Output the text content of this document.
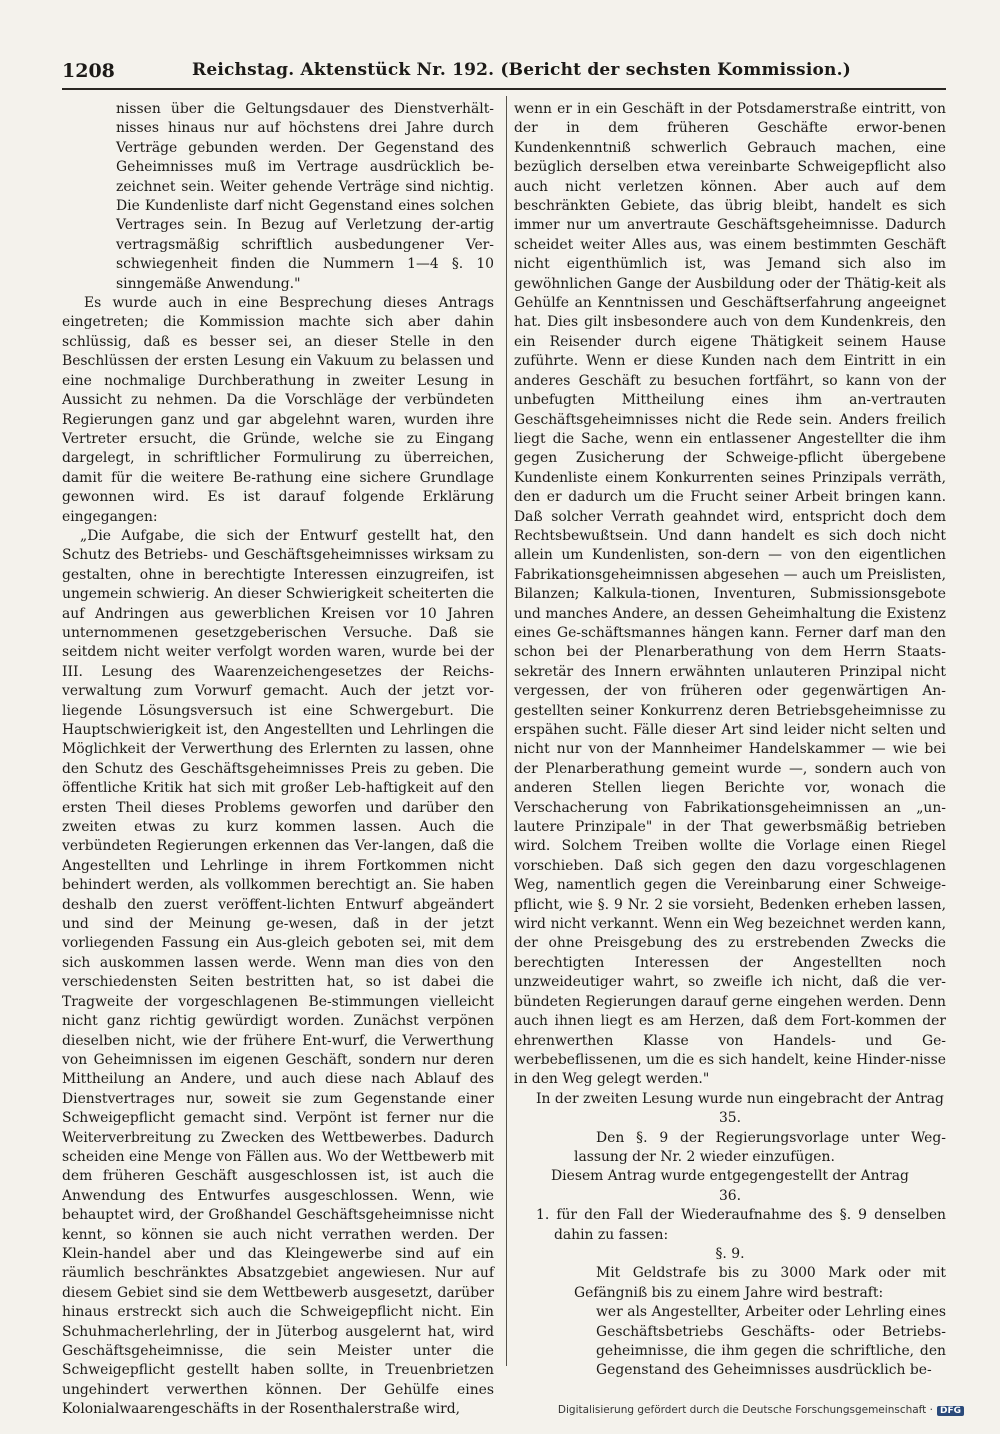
1208	Reichstag. Aktenstück Nr. 192. (Bericht der sechsten Kommission.)

nissen über die Geltungsdauer des Dienstverhält-nisses hinaus nur auf höchstens drei Jahre durch Verträge gebunden werden. Der Gegenstand des Geheimnisses muß im Vertrage ausdrücklich be-zeichnet sein. Weiter gehende Verträge sind nichtig. Die Kundenliste darf nicht Gegenstand eines solchen Vertrages sein. In Bezug auf Verletzung der-artig vertragsmäßig schriftlich ausbedungener Ver-schwiegenheit finden die Nummern 1—4 §. 10 sinngemäße Anwendung."

Es wurde auch in eine Besprechung dieses Antrags eingetreten; die Kommission machte sich aber dahin schlüssig, daß es besser sei, an dieser Stelle in den Beschlüssen der ersten Lesung ein Vakuum zu belassen und eine nochmalige Durchberathung in zweiter Lesung in Aussicht zu nehmen. Da die Vorschläge der verbündeten Regierungen ganz und gar abgelehnt waren, wurden ihre Vertreter ersucht, die Gründe, welche sie zu Eingang dargelegt, in schriftlicher Formulirung zu überreichen, damit für die weitere Be-rathung eine sichere Grundlage gewonnen wird. Es ist darauf folgende Erklärung eingegangen:

„Die Aufgabe, die sich der Entwurf gestellt hat, den Schutz des Betriebs- und Geschäftsgeheimnisses wirksam zu gestalten, ohne in berechtigte Interessen einzugreifen, ist ungemein schwierig. An dieser Schwierigkeit scheiterten die auf Andringen aus gewerblichen Kreisen vor 10 Jahren unternommenen gesetzgeberischen Versuche. Daß sie seitdem nicht weiter verfolgt worden waren, wurde bei der III. Lesung des Waarenzeichengesetzes der Reichs-verwaltung zum Vorwurf gemacht. Auch der jetzt vor-liegende Lösungsversuch ist eine Schwergeburt. Die Hauptschwierigkeit ist, den Angestellten und Lehrlingen die Möglichkeit der Verwerthung des Erlernten zu lassen, ohne den Schutz des Geschäftsgeheimnisses Preis zu geben. Die öffentliche Kritik hat sich mit großer Leb-haftigkeit auf den ersten Theil dieses Problems geworfen und darüber den zweiten etwas zu kurz kommen lassen. Auch die verbündeten Regierungen erkennen das Ver-langen, daß die Angestellten und Lehrlinge in ihrem Fortkommen nicht behindert werden, als vollkommen berechtigt an. Sie haben deshalb den zuerst veröffent-lichten Entwurf abgeändert und sind der Meinung ge-wesen, daß in der jetzt vorliegenden Fassung ein Aus-gleich geboten sei, mit dem sich auskommen lassen werde. Wenn man dies von den verschiedensten Seiten bestritten hat, so ist dabei die Tragweite der vorgeschlagenen Be-stimmungen vielleicht nicht ganz richtig gewürdigt worden. Zunächst verpönen dieselben nicht, wie der frühere Ent-wurf, die Verwerthung von Geheimnissen im eigenen Geschäft, sondern nur deren Mittheilung an Andere, und auch diese nach Ablauf des Dienstvertrages nur, soweit sie zum Gegenstande einer Schweigepflicht gemacht sind. Verpönt ist ferner nur die Weiterverbreitung zu Zwecken des Wettbewerbes. Dadurch scheiden eine Menge von Fällen aus. Wo der Wettbewerb mit dem früheren Geschäft ausgeschlossen ist, ist auch die Anwendung des Entwurfes ausgeschlossen. Wenn, wie behauptet wird, der Großhandel Geschäftsgeheimnisse nicht kennt, so können sie auch nicht verrathen werden. Der Klein-handel aber und das Kleingewerbe sind auf ein räumlich beschränktes Absatzgebiet angewiesen. Nur auf diesem Gebiet sind sie dem Wettbewerb ausgesetzt, darüber hinaus erstreckt sich auch die Schweigepflicht nicht. Ein Schuhmacherlehrling, der in Jüterbog ausgelernt hat, wird Geschäftsgeheimnisse, die sein Meister unter die Schweigepflicht gestellt haben sollte, in Treuenbrietzen ungehindert verwerthen können. Der Gehülfe eines Kolonialwaarengeschäfts in der Rosenthalerstraße wird,

wenn er in ein Geschäft in der Potsdamerstraße eintritt, von der in dem früheren Geschäfte erwor-benen Kundenkenntniß schwerlich Gebrauch machen, eine bezüglich derselben etwa vereinbarte Schweigepflicht also auch nicht verletzen können. Aber auch auf dem beschränkten Gebiete, das übrig bleibt, handelt es sich immer nur um anvertraute Geschäftsgeheimnisse. Dadurch scheidet weiter Alles aus, was einem bestimmten Geschäft nicht eigenthümlich ist, was Jemand sich also im gewöhnlichen Gange der Ausbildung oder der Thätig-keit als Gehülfe an Kenntnissen und Geschäftserfahrung angeeignet hat. Dies gilt insbesondere auch von dem Kundenkreis, den ein Reisender durch eigene Thätigkeit seinem Hause zuführte. Wenn er diese Kunden nach dem Eintritt in ein anderes Geschäft zu besuchen fortfährt, so kann von der unbefugten Mittheilung eines ihm an-vertrauten Geschäftsgeheimnisses nicht die Rede sein. Anders freilich liegt die Sache, wenn ein entlassener Angestellter die ihm gegen Zusicherung der Schweige-pflicht übergebene Kundenliste einem Konkurrenten seines Prinzipals verräth, den er dadurch um die Frucht seiner Arbeit bringen kann. Daß solcher Verrath geahndet wird, entspricht doch dem Rechtsbewußtsein. Und dann handelt es sich doch nicht allein um Kundenlisten, son-dern — von den eigentlichen Fabrikationsgeheimnissen abgesehen — auch um Preislisten, Bilanzen; Kalkula-tionen, Inventuren, Submissionsgebote und manches Andere, an dessen Geheimhaltung die Existenz eines Ge-schäftsmannes hängen kann. Ferner darf man den schon bei der Plenarberathung von dem Herrn Staats-sekretär des Innern erwähnten unlauteren Prinzipal nicht vergessen, der von früheren oder gegenwärtigen An-gestellten seiner Konkurrenz deren Betriebsgeheimnisse zu erspähen sucht. Fälle dieser Art sind leider nicht selten und nicht nur von der Mannheimer Handelskammer — wie bei der Plenarberathung gemeint wurde —, sondern auch von anderen Stellen liegen Berichte vor, wonach die Verschacherung von Fabrikationsgeheimnissen an „un-lautere Prinzipale" in der That gewerbsmäßig betrieben wird. Solchem Treiben wollte die Vorlage einen Riegel vorschieben. Daß sich gegen den dazu vorgeschlagenen Weg, namentlich gegen die Vereinbarung einer Schweige-pflicht, wie §. 9 Nr. 2 sie vorsieht, Bedenken erheben lassen, wird nicht verkannt. Wenn ein Weg bezeichnet werden kann, der ohne Preisgebung des zu erstrebenden Zwecks die berechtigten Interessen der Angestellten noch unzweideutiger wahrt, so zweifle ich nicht, daß die ver-bündeten Regierungen darauf gerne eingehen werden. Denn auch ihnen liegt es am Herzen, daß dem Fort-kommen der ehrenwerthen Klasse von Handels- und Ge-werbebeflissenen, um die es sich handelt, keine Hinder-nisse in den Weg gelegt werden."

In der zweiten Lesung wurde nun eingebracht der Antrag

35.

Den §. 9 der Regierungsvorlage unter Weg-lassung der Nr. 2 wieder einzufügen.

Diesem Antrag wurde entgegengestellt der Antrag

36.

1. für den Fall der Wiederaufnahme des §. 9 denselben dahin zu fassen:

§. 9.

Mit Geldstrafe bis zu 3000 Mark oder mit Gefängniß bis zu einem Jahre wird bestraft:

wer als Angestellter, Arbeiter oder Lehrling eines Geschäftsbetriebs Geschäfts- oder Betriebs-geheimnisse, die ihm gegen die schriftliche, den Gegenstand des Geheimnisses ausdrücklich be-

Digitalisierung gefördert durch die Deutsche Forschungsgemeinschaft · DFG
